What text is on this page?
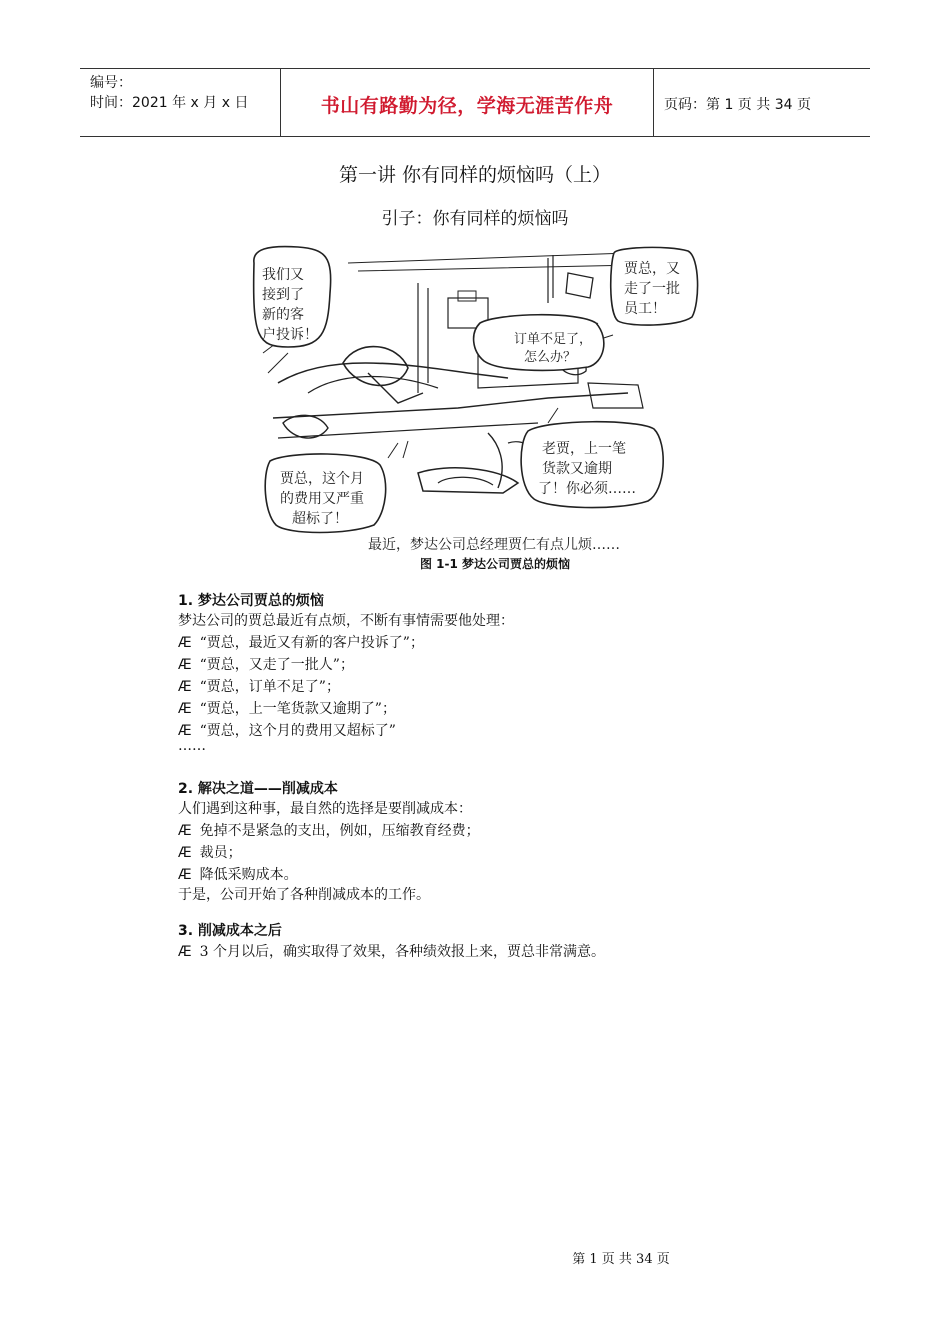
编号：
时间：2021 年 x 月 x 日	书山有路勤为径，学海无涯苦作舟	页码：第 1 页 共 34 页
第一讲 你有同样的烦恼吗（上）
引子：你有同样的烦恼吗
我们又
接到了
新的客
户投诉！
贾总，又
走了一批
员工！
订单不足了，
怎么办？
老贾，上一笔
货款又逾期
了！你必须……
贾总，这个月
的费用又严重
超标了！
最近，梦达公司总经理贾仁有点儿烦……
图 1-1 梦达公司贾总的烦恼
1. 梦达公司贾总的烦恼
梦达公司的贾总最近有点烦，不断有事情需要他处理：
Æ “贾总，最近又有新的客户投诉了”；
Æ “贾总，又走了一批人”；
Æ “贾总，订单不足了”；
Æ “贾总，上一笔货款又逾期了”；
Æ “贾总，这个月的费用又超标了”
……
2. 解决之道——削减成本
人们遇到这种事，最自然的选择是要削减成本：
Æ 免掉不是紧急的支出，例如，压缩教育经费；
Æ 裁员；
Æ 降低采购成本。
于是，公司开始了各种削减成本的工作。
3. 削减成本之后
Æ 3 个月以后，确实取得了效果，各种绩效报上来，贾总非常满意。
第 1 页 共 34 页
